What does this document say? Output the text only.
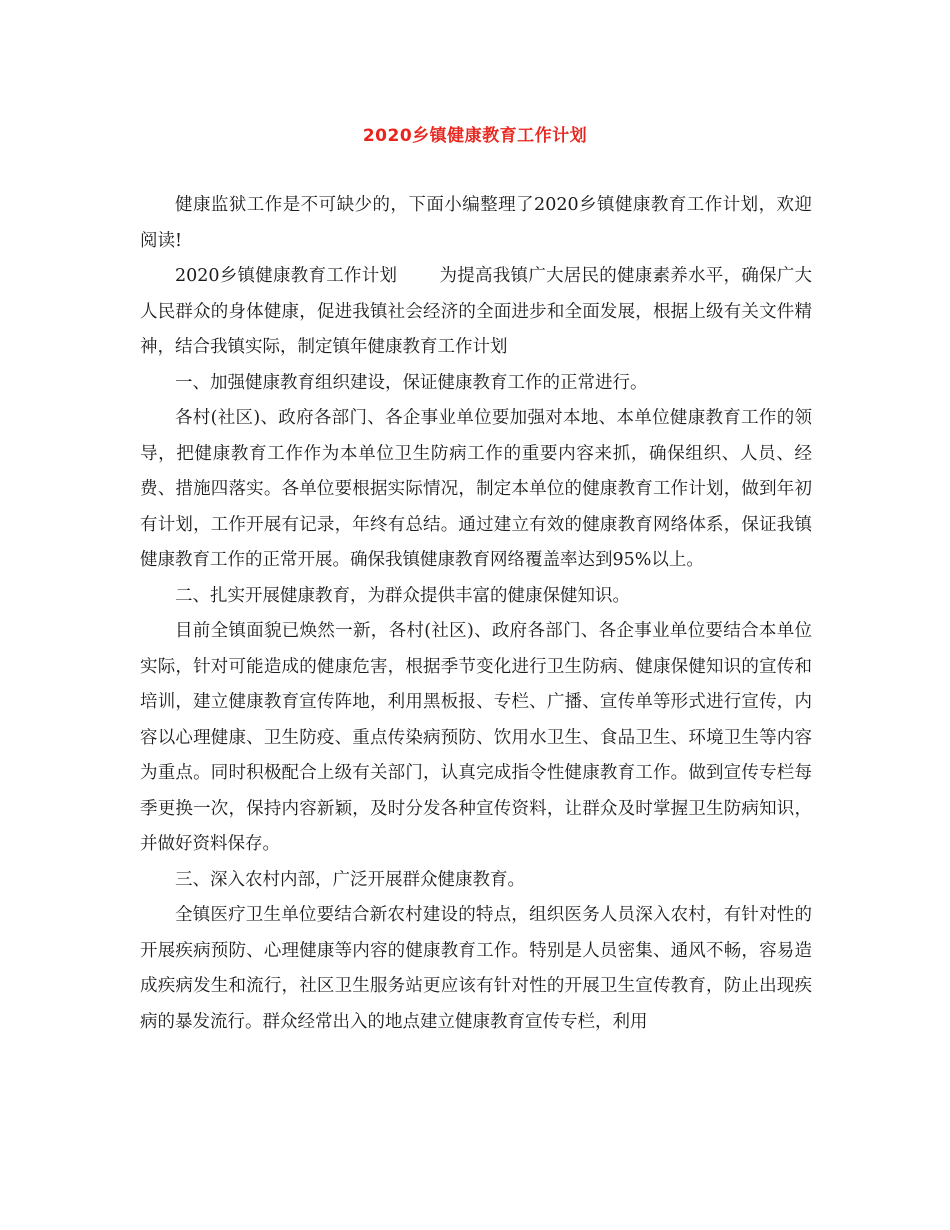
2020乡镇健康教育工作计划

健康监狱工作是不可缺少的，下面小编整理了2020乡镇健康教育工作计划，欢迎阅读!

2020乡镇健康教育工作计划 为提高我镇广大居民的健康素养水平，确保广大人民群众的身体健康，促进我镇社会经济的全面进步和全面发展，根据上级有关文件精神，结合我镇实际，制定镇年健康教育工作计划

一、加强健康教育组织建设，保证健康教育工作的正常进行。

各村(社区)、政府各部门、各企事业单位要加强对本地、本单位健康教育工作的领导，把健康教育工作作为本单位卫生防病工作的重要内容来抓，确保组织、人员、经费、措施四落实。各单位要根据实际情况，制定本单位的健康教育工作计划，做到年初有计划，工作开展有记录，年终有总结。通过建立有效的健康教育网络体系，保证我镇健康教育工作的正常开展。确保我镇健康教育网络覆盖率达到95%以上。

二、扎实开展健康教育，为群众提供丰富的健康保健知识。

目前全镇面貌已焕然一新，各村(社区)、政府各部门、各企事业单位要结合本单位实际，针对可能造成的健康危害，根据季节变化进行卫生防病、健康保健知识的宣传和培训，建立健康教育宣传阵地，利用黑板报、专栏、广播、宣传单等形式进行宣传，内容以心理健康、卫生防疫、重点传染病预防、饮用水卫生、食品卫生、环境卫生等内容为重点。同时积极配合上级有关部门，认真完成指令性健康教育工作。做到宣传专栏每季更换一次，保持内容新颖，及时分发各种宣传资料，让群众及时掌握卫生防病知识，并做好资料保存。

三、深入农村内部，广泛开展群众健康教育。

全镇医疗卫生单位要结合新农村建设的特点，组织医务人员深入农村，有针对性的开展疾病预防、心理健康等内容的健康教育工作。特别是人员密集、通风不畅，容易造成疾病发生和流行，社区卫生服务站更应该有针对性的开展卫生宣传教育，防止出现疾病的暴发流行。群众经常出入的地点建立健康教育宣传专栏，利用
